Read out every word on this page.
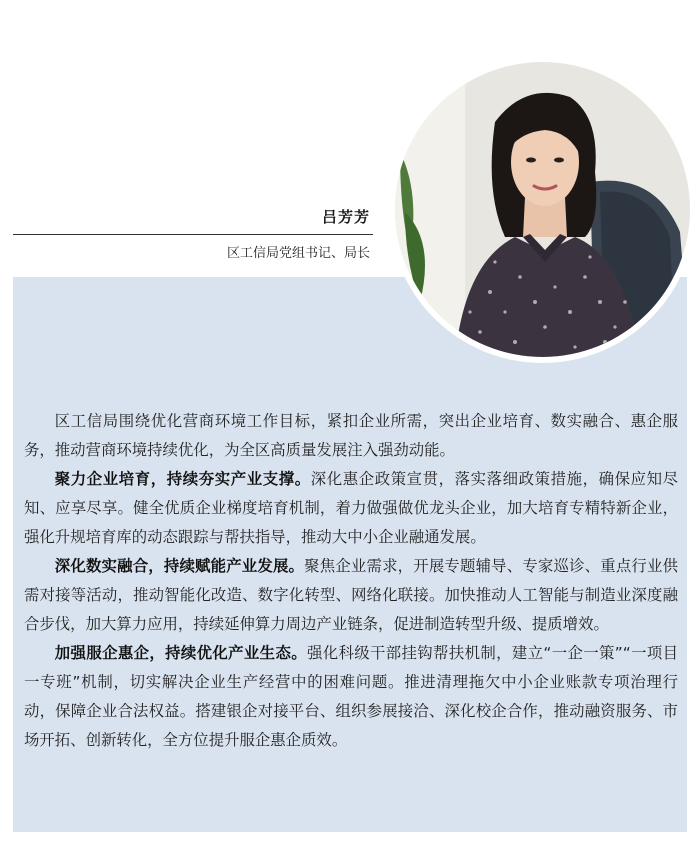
吕芳芳
区工信局党组书记、局长

区工信局围绕优化营商环境工作目标，紧扣企业所需，突出企业培育、数实融合、惠企服务，推动营商环境持续优化，为全区高质量发展注入强劲动能。

聚力企业培育，持续夯实产业支撑。深化惠企政策宣贯，落实落细政策措施，确保应知尽知、应享尽享。健全优质企业梯度培育机制，着力做强做优龙头企业，加大培育专精特新企业，强化升规培育库的动态跟踪与帮扶指导，推动大中小企业融通发展。

深化数实融合，持续赋能产业发展。聚焦企业需求，开展专题辅导、专家巡诊、重点行业供需对接等活动，推动智能化改造、数字化转型、网络化联接。加快推动人工智能与制造业深度融合步伐，加大算力应用，持续延伸算力周边产业链条，促进制造转型升级、提质增效。

加强服企惠企，持续优化产业生态。强化科级干部挂钩帮扶机制，建立“一企一策”“一项目一专班”机制，切实解决企业生产经营中的困难问题。推进清理拖欠中小企业账款专项治理行动，保障企业合法权益。搭建银企对接平台、组织参展接洽、深化校企合作，推动融资服务、市场开拓、创新转化，全方位提升服企惠企质效。
